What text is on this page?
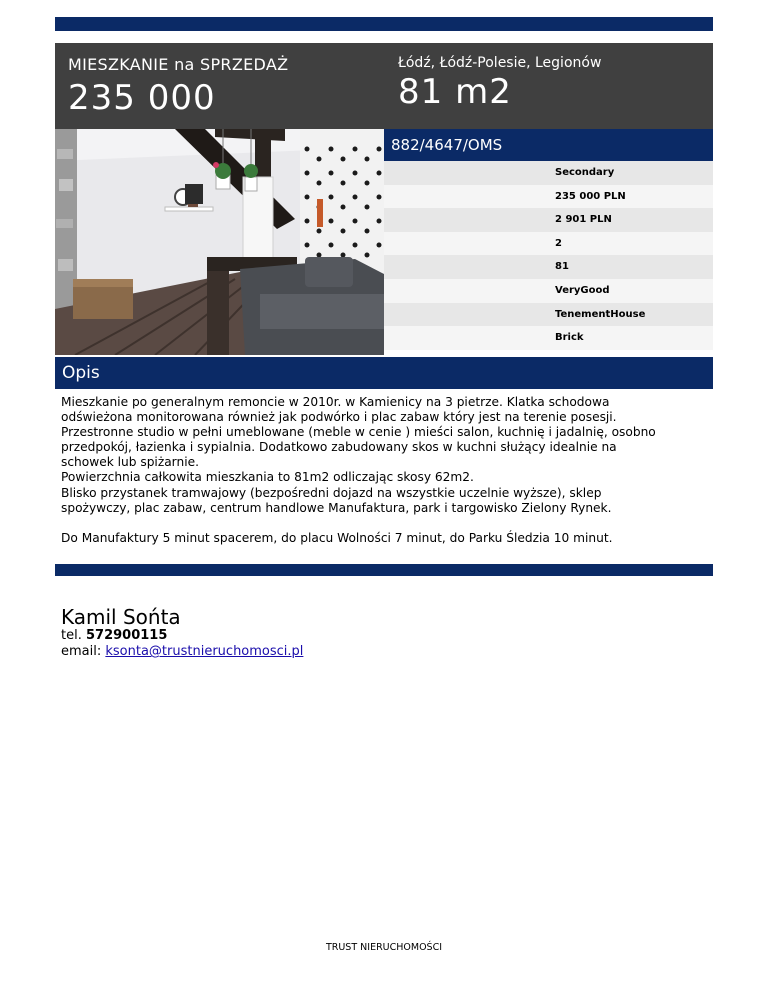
MIESZKANIE na SPRZEDAŻ
235 000
Łódź, Łódź-Polesie, Legionów
81 m2
882/4647/OMS
Secondary
235 000 PLN
2 901 PLN
2
81
VeryGood
TenementHouse
Brick
Opis

Mieszkanie po generalnym remoncie w 2010r. w Kamienicy na 3 pietrze. Klatka schodowa

odświeżona monitorowana również jak podwórko i plac zabaw który jest na terenie posesji.

Przestronne studio w pełni umeblowane (meble w cenie ) mieści salon, kuchnię i jadalnię, osobno

przedpokój, łazienka i sypialnia. Dodatkowo zabudowany skos w kuchni służący idealnie na

schowek lub spiżarnie.

Powierzchnia całkowita mieszkania to 81m2 odliczając skosy 62m2.

Blisko przystanek tramwajowy (bezpośredni dojazd na wszystkie uczelnie wyższe), sklep

spożywczy, plac zabaw, centrum handlowe Manufaktura, park i targowisko Zielony Rynek.

Do Manufaktury 5 minut spacerem, do placu Wolności 7 minut, do Parku Śledzia 10 minut.

Kamil Sońta
tel. 572900115
email: ksonta@trustnieruchomosci.pl
TRUST NIERUCHOMOŚCI
